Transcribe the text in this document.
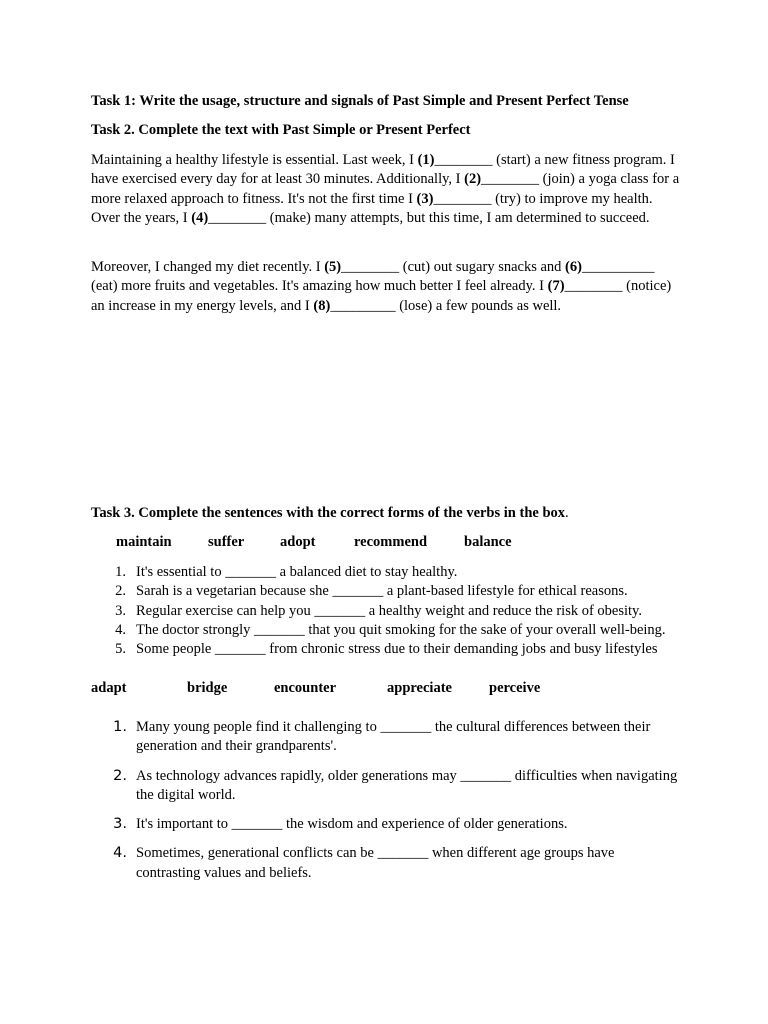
Task 1: Write the usage, structure and signals of Past Simple and Present Perfect Tense
Task 2. Complete the text with Past Simple or Present Perfect

Maintaining a healthy lifestyle is essential. Last week, I (1)________ (start) a new fitness program. I have exercised every day for at least 30 minutes. Additionally, I (2)________ (join) a yoga class for a more relaxed approach to fitness. It's not the first time I (3)________ (try) to improve my health. Over the years, I (4)________ (make) many attempts, but this time, I am determined to succeed.

Moreover, I changed my diet recently. I (5)________ (cut) out sugary snacks and (6)__________ (eat) more fruits and vegetables. It's amazing how much better I feel already. I (7)________ (notice) an increase in my energy levels, and I (8)_________ (lose) a few pounds as well.

Task 3. Complete the sentences with the correct forms of the verbs in the box.
maintain	suffer adopt	recommend	balance
1. It's essential to _______ a balanced diet to stay healthy.
2. Sarah is a vegetarian because she _______ a plant-based lifestyle for ethical reasons.
3. Regular exercise can help you _______ a healthy weight and reduce the risk of obesity.
4. The doctor strongly _______ that you quit smoking for the sake of your overall well-being.
5. Some people _______ from chronic stress due to their demanding jobs and busy lifestyles
adapt	bridge	encounter	appreciate	perceive
1. Many young people find it challenging to _______ the cultural differences between their generation and their grandparents'.
2. As technology advances rapidly, older generations may _______ difficulties when navigating the digital world.
3. It's important to _______ the wisdom and experience of older generations.
4. Sometimes, generational conflicts can be _______ when different age groups have contrasting values and beliefs.
